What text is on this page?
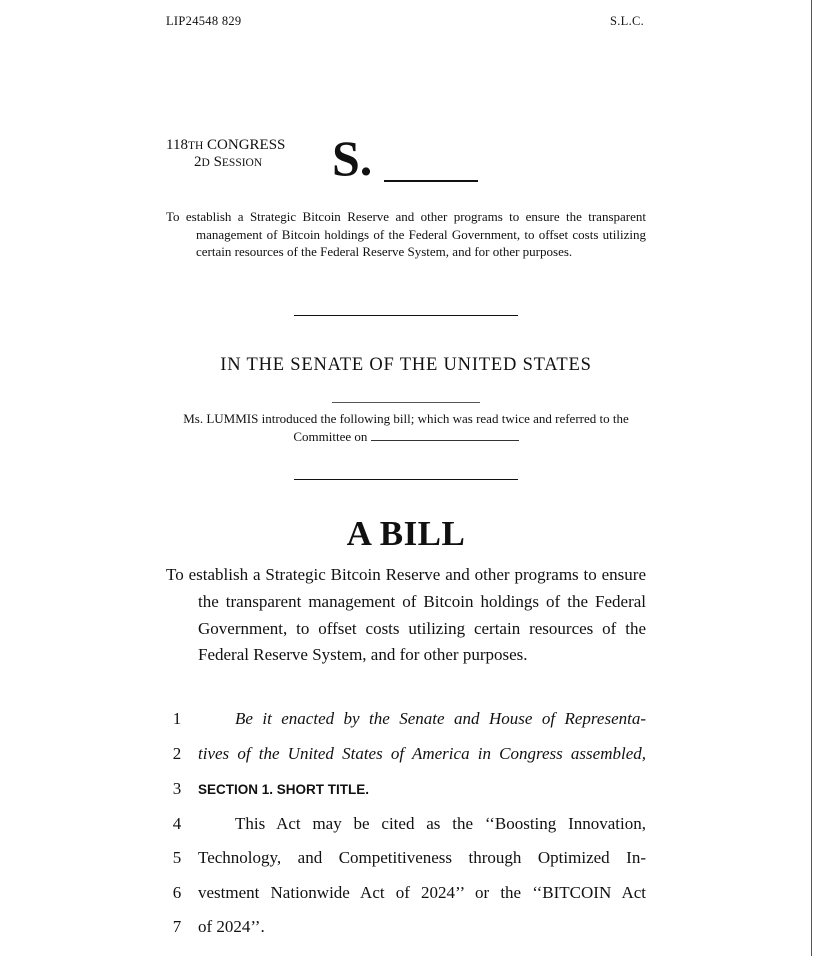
LIP24548 829	S.L.C.
118TH CONGRESS
2D SESSION	S.
To establish a Strategic Bitcoin Reserve and other programs to ensure the transparent management of Bitcoin holdings of the Federal Government, to offset costs utilizing certain resources of the Federal Reserve System, and for other purposes.
IN THE SENATE OF THE UNITED STATES
Ms. LUMMIS introduced the following bill; which was read twice and referred to the Committee on
A BILL
To establish a Strategic Bitcoin Reserve and other programs to ensure the transparent management of Bitcoin holdings of the Federal Government, to offset costs utilizing certain resources of the Federal Reserve System, and for other purposes.
1	Be it enacted by the Senate and House of Representa-
2 tives of the United States of America in Congress assembled,
3	SECTION 1. SHORT TITLE.
4	This Act may be cited as the ‘‘Boosting Innovation,
5 Technology, and Competitiveness through Optimized In-
6 vestment Nationwide Act of 2024’’ or the ‘‘BITCOIN Act
7 of 2024’’.
